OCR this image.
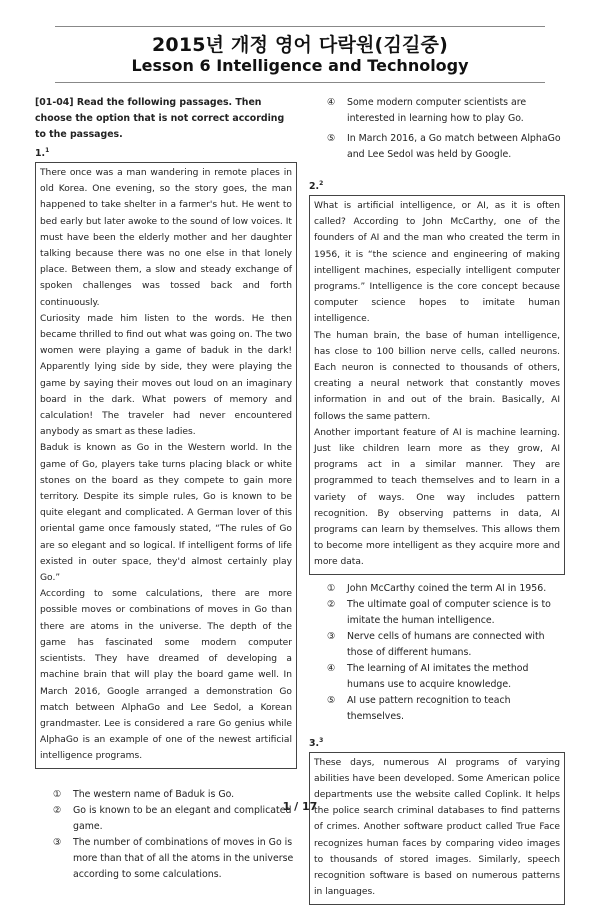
2015년 개정 영어 다락원(김길중)
Lesson 6 Intelligence and Technology
[01-04] Read the following passages. Then choose the option that is not correct according to the passages.
1.$^1$

There once was a man wandering in remote places in old Korea. One evening, so the story goes, the man happened to take shelter in a farmer's hut. He went to bed early but later awoke to the sound of low voices. It must have been the elderly mother and her daughter talking because there was no one else in that lonely place. Between them, a slow and steady exchange of spoken challenges was tossed back and forth continuously.

Curiosity made him listen to the words. He then became thrilled to find out what was going on. The two women were playing a game of baduk in the dark! Apparently lying side by side, they were playing the game by saying their moves out loud on an imaginary board in the dark. What powers of memory and calculation! The traveler had never encountered anybody as smart as these ladies.

Baduk is known as Go in the Western world. In the game of Go, players take turns placing black or white stones on the board as they compete to gain more territory. Despite its simple rules, Go is known to be quite elegant and complicated. A German lover of this oriental game once famously stated, “The rules of Go are so elegant and so logical. If intelligent forms of life existed in outer space, they'd almost certainly play Go.”

According to some calculations, there are more possible moves or combinations of moves in Go than there are atoms in the universe. The depth of the game has fascinated some modern computer scientists. They have dreamed of developing a machine brain that will play the board game well. In March 2016, Google arranged a demonstration Go match between AlphaGo and Lee Sedol, a Korean grandmaster. Lee is considered a rare Go genius while AlphaGo is an example of one of the newest artificial intelligence programs.

①	The western name of Baduk is Go.
②	Go is known to be an elegant and complicated game.
③	The number of combinations of moves in Go is more than that of all the atoms in the universe according to some calculations.
④	Some modern computer scientists are interested in learning how to play Go.
⑤	In March 2016, a Go match between AlphaGo and Lee Sedol was held by Google.
2.$^2$

What is artificial intelligence, or AI, as it is often called? According to John McCarthy, one of the founders of AI and the man who created the term in 1956, it is “the science and engineering of making intelligent machines, especially intelligent computer programs.” Intelligence is the core concept because computer science hopes to imitate human intelligence.

The human brain, the base of human intelligence, has close to 100 billion nerve cells, called neurons. Each neuron is connected to thousands of others, creating a neural network that constantly moves information in and out of the brain. Basically, AI follows the same pattern.

Another important feature of AI is machine learning. Just like children learn more as they grow, AI programs act in a similar manner. They are programmed to teach themselves and to learn in a variety of ways. One way includes pattern recognition. By observing patterns in data, AI programs can learn by themselves. This allows them to become more intelligent as they acquire more and more data.

①	John McCarthy coined the term AI in 1956.
②	The ultimate goal of computer science is to imitate the human intelligence.
③	Nerve cells of humans are connected with those of different humans.
④	The learning of AI imitates the method humans use to acquire knowledge.
⑤	AI use pattern recognition to teach themselves.
3.$^3$

These days, numerous AI programs of varying abilities have been developed. Some American police departments use the website called Coplink. It helps the police search criminal databases to find patterns of crimes. Another software product called True Face recognizes human faces by comparing video images to thousands of stored images. Similarly, speech recognition software is based on numerous patterns in languages.

1 / 17
